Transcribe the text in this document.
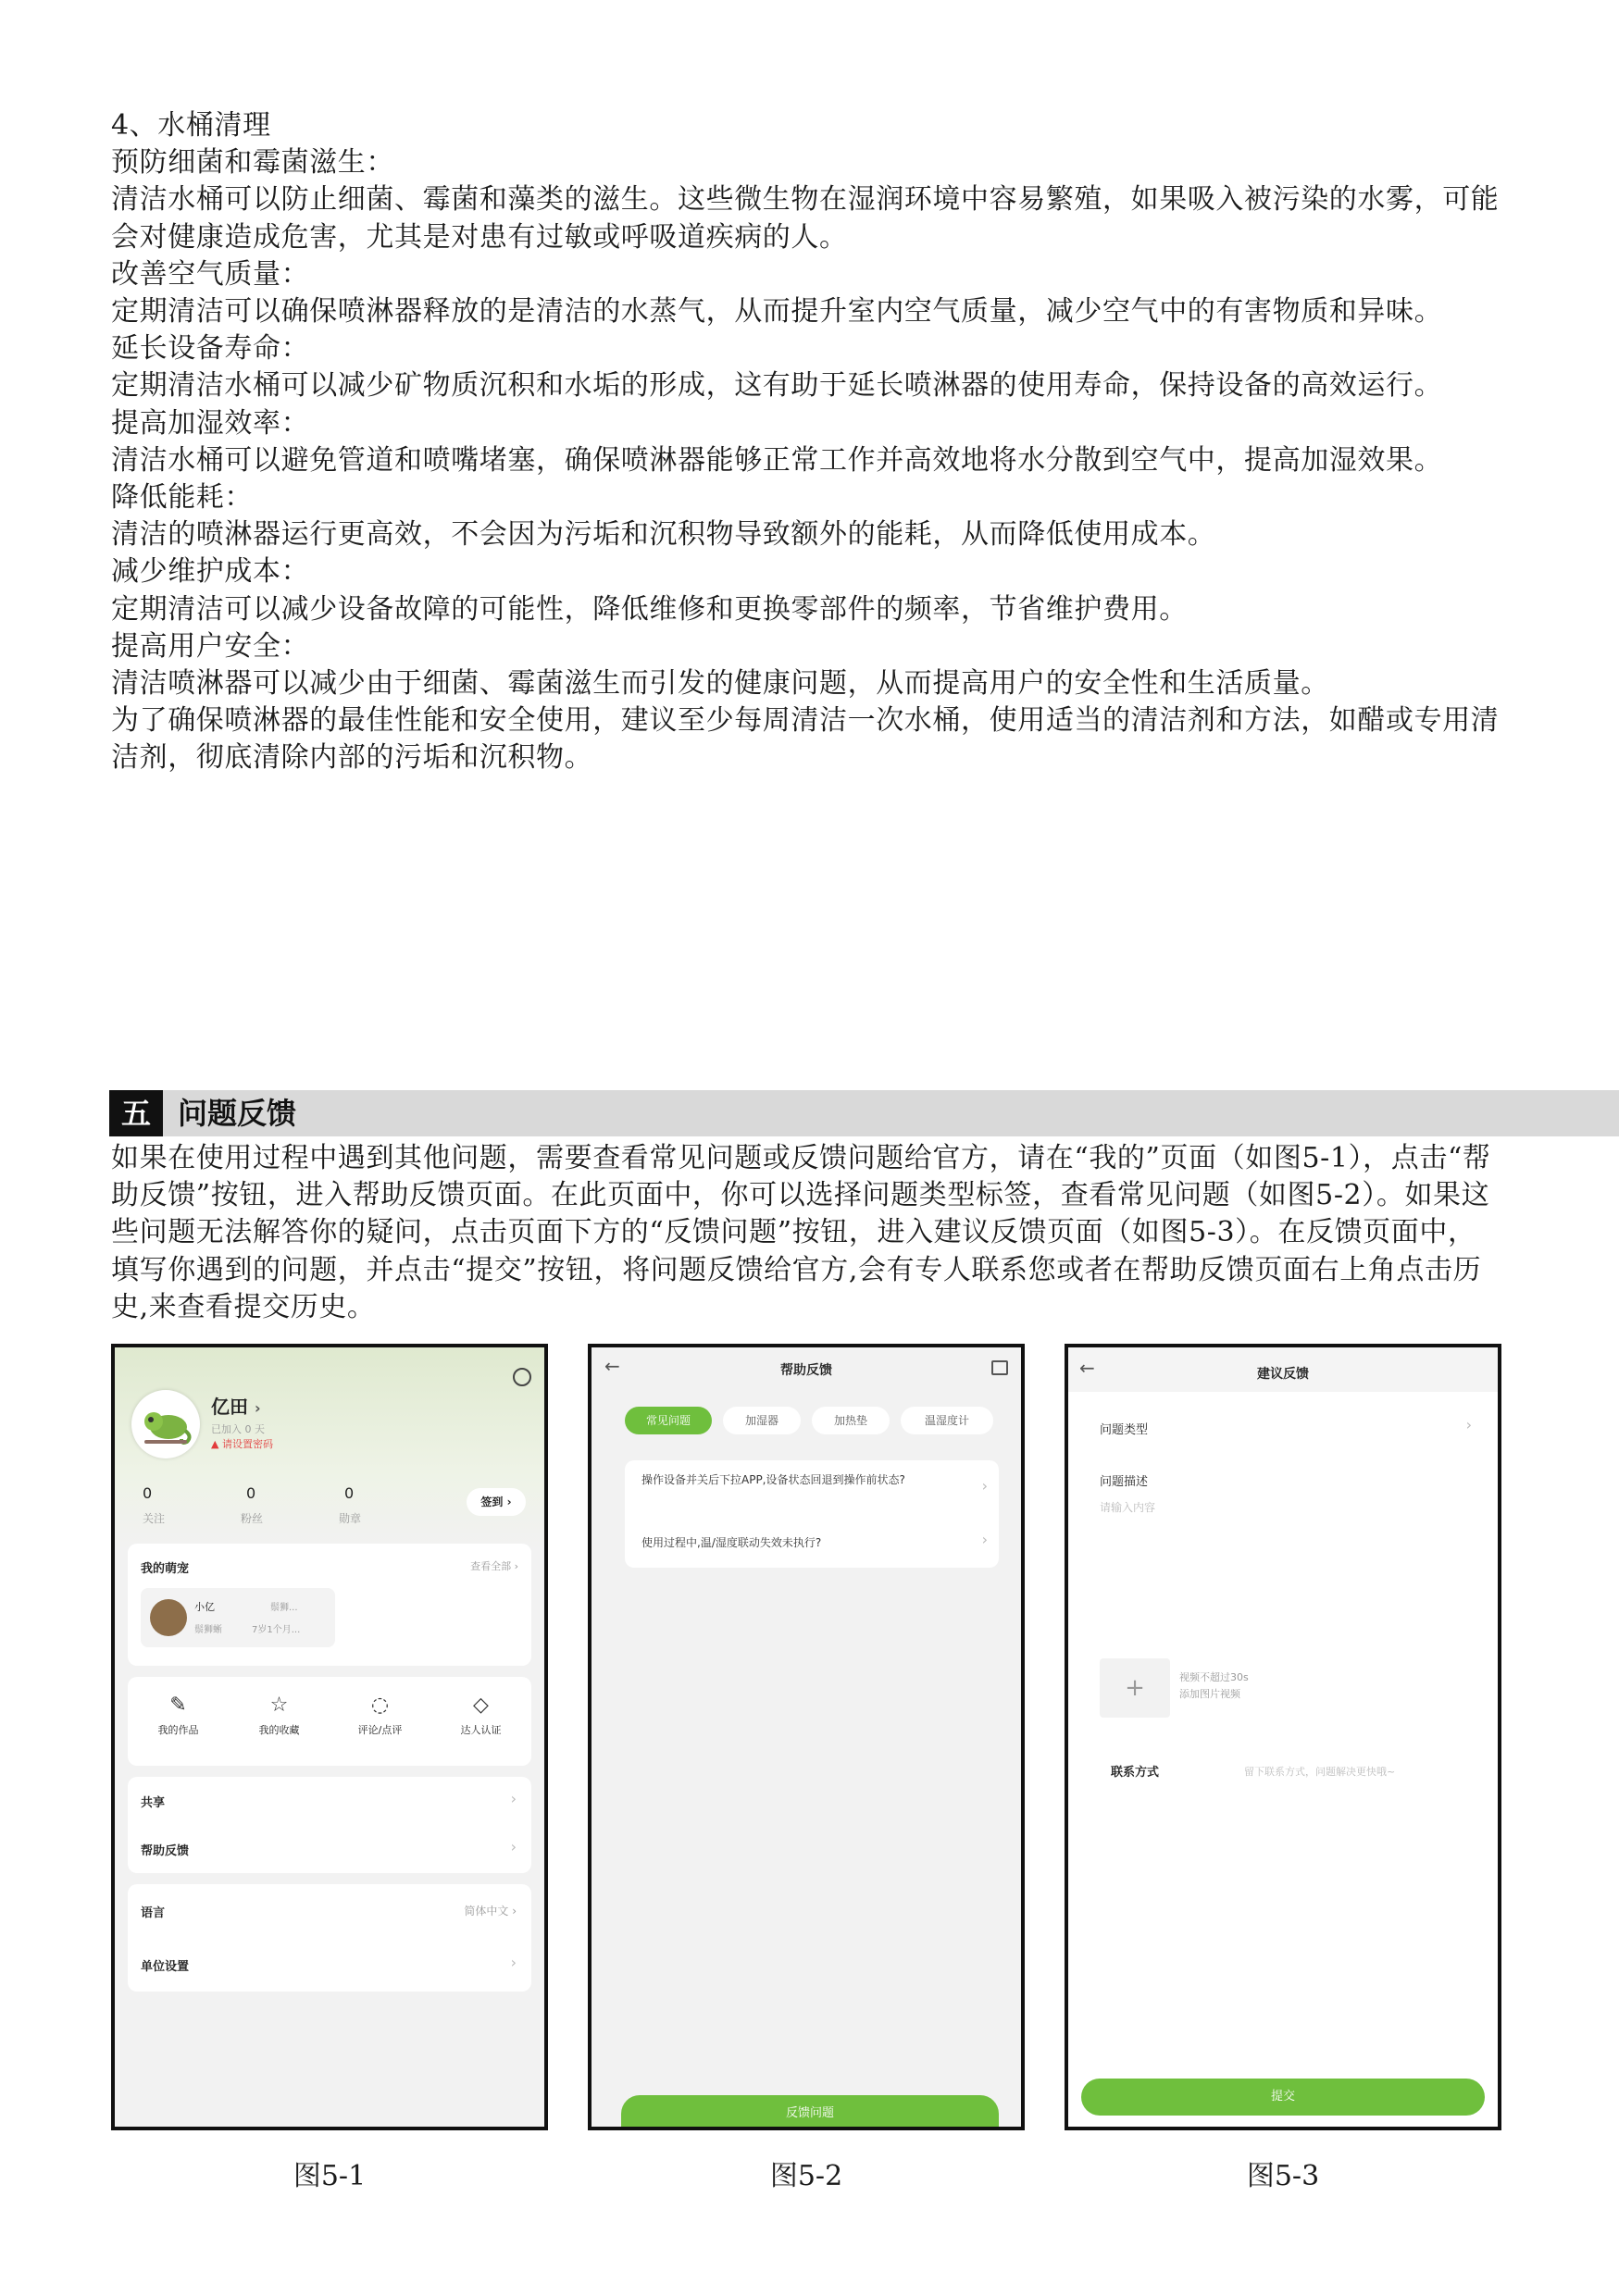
4、水桶清理

预防细菌和霉菌滋生：

清洁水桶可以防止细菌、霉菌和藻类的滋生。这些微生物在湿润环境中容易繁殖，如果吸入被污染的水雾，可能会对健康造成危害，尤其是对患有过敏或呼吸道疾病的人。

改善空气质量：

定期清洁可以确保喷淋器释放的是清洁的水蒸气，从而提升室内空气质量，减少空气中的有害物质和异味。

延长设备寿命：

定期清洁水桶可以减少矿物质沉积和水垢的形成，这有助于延长喷淋器的使用寿命，保持设备的高效运行。

提高加湿效率：

清洁水桶可以避免管道和喷嘴堵塞，确保喷淋器能够正常工作并高效地将水分散到空气中，提高加湿效果。

降低能耗：

清洁的喷淋器运行更高效，不会因为污垢和沉积物导致额外的能耗，从而降低使用成本。

减少维护成本：

定期清洁可以减少设备故障的可能性，降低维修和更换零部件的频率，节省维护费用。

提高用户安全：

清洁喷淋器可以减少由于细菌、霉菌滋生而引发的健康问题，从而提高用户的安全性和生活质量。

为了确保喷淋器的最佳性能和安全使用，建议至少每周清洁一次水桶，使用适当的清洁剂和方法，如醋或专用清洁剂，彻底清除内部的污垢和沉积物。

五 问题反馈

如果在使用过程中遇到其他问题，需要查看常见问题或反馈问题给官方，请在“我的”页面（如图5-1），点击“帮助反馈”按钮，进入帮助反馈页面。在此页面中，你可以选择问题类型标签，查看常见问题（如图5-2）。如果这些问题无法解答你的疑问，点击页面下方的“反馈问题”按钮，进入建议反馈页面（如图5-3）。在反馈页面中，填写你遇到的问题，并点击“提交”按钮，将问题反馈给官方,会有专人联系您或者在帮助反馈页面右上角点击历史,来查看提交历史。

亿田 ›
已加入 0 天
▲ 请设置密码
0
关注
0
粉丝
0
勋章
签到 ›
我的萌宠	查看全部 ›
小亿	鬃狮...
鬃狮蜥	7岁1个月...
✎
我的作品
☆
我的收藏
◌
评论/点评
◇
达人认证
共享	›
帮助反馈	›
语言	简体中文 ›
单位设置	›
图5-1
←	帮助反馈
常见问题	加湿器	加热垫	温湿度计
操作设备并关后下拉APP,设备状态回退到操作前状态?	›
使用过程中,温/湿度联动失效未执行?	›
反馈问题
图5-2
←	建议反馈
问题类型	›
问题描述
请输入内容
+	视频不超过30s
添加图片视频
联系方式	留下联系方式，问题解决更快哦~
提交
图5-3
